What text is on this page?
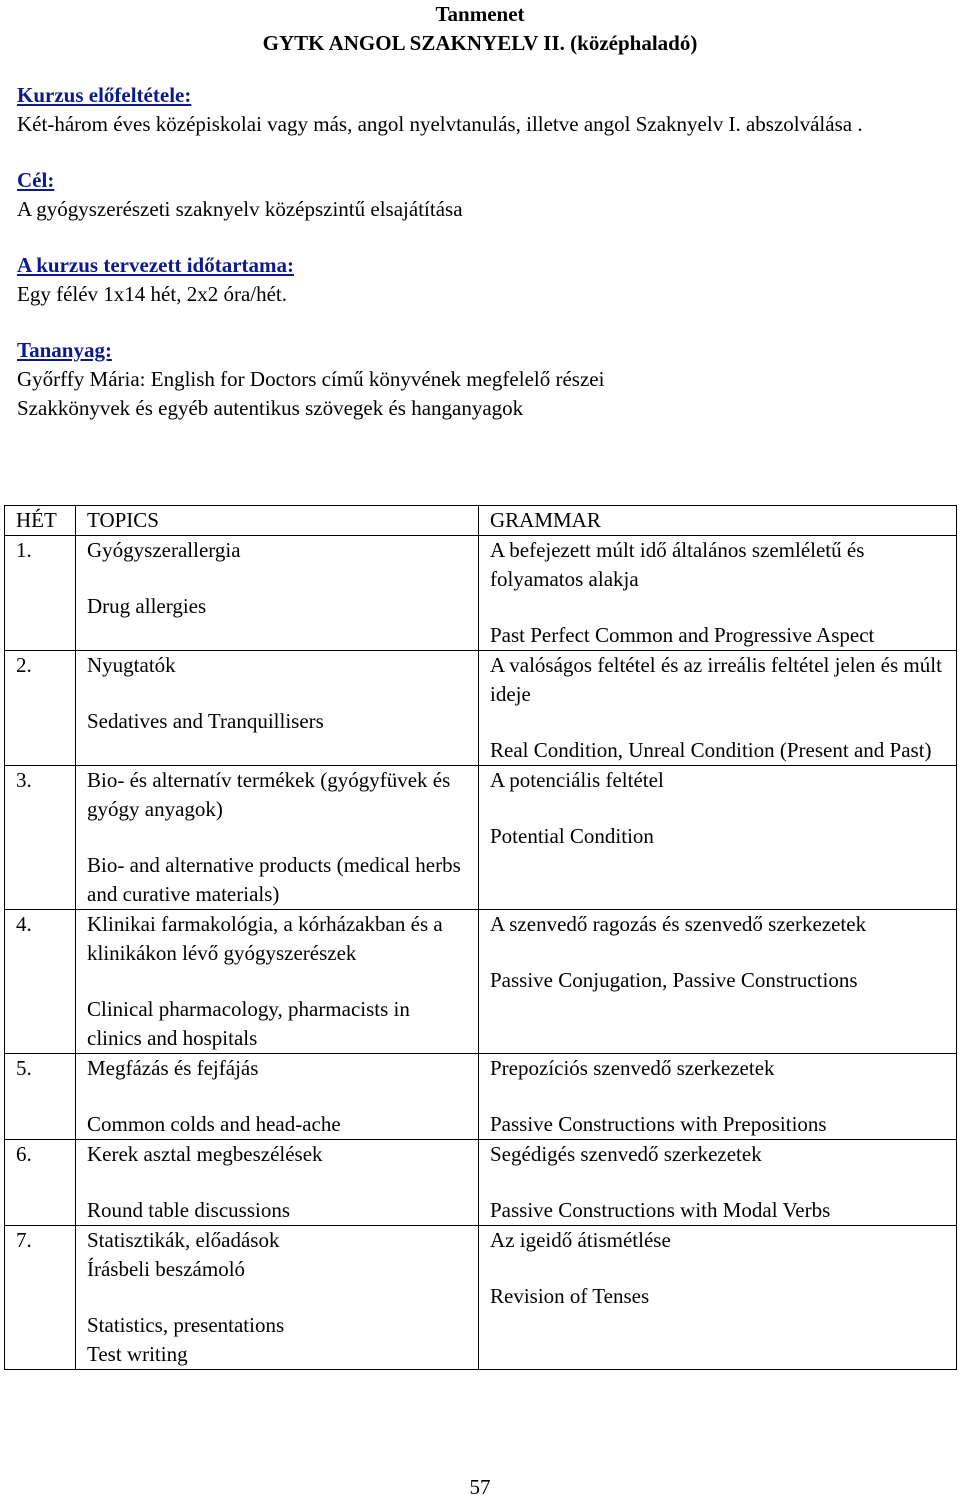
Tanmenet
GYTK ANGOL SZAKNYELV II. (középhaladó)
Kurzus előfeltétele:
Két-három éves középiskolai vagy más, angol nyelvtanulás, illetve angol Szaknyelv I. abszolválása .
Cél:
A gyógyszerészeti szaknyelv középszintű elsajátítása
A kurzus tervezett időtartama:
Egy félév 1x14 hét, 2x2 óra/hét.
Tananyag:
Győrffy Mária: English for Doctors című könyvének megfelelő részei
Szakkönyvek és egyéb autentikus szövegek és hanganyagok
HÉT	TOPICS	GRAMMAR

1.	Gyógyszerallergia
Drug allergies	A befejezett múlt idő általános szemléletű és folyamatos alakja
Past Perfect Common and Progressive Aspect

2.	Nyugtatók
Sedatives and Tranquillisers	A valóságos feltétel és az irreális feltétel jelen és múlt ideje
Real Condition, Unreal Condition (Present and Past)

3.	Bio- és alternatív termékek (gyógyfüvek és gyógy anyagok)
Bio- and alternative products (medical herbs and curative materials)	A potenciális feltétel
Potential Condition

4.	Klinikai farmakológia, a kórházakban és a klinikákon lévő gyógyszerészek
Clinical pharmacology, pharmacists in clinics and hospitals	A szenvedő ragozás és szenvedő szerkezetek
Passive Conjugation, Passive Constructions

5.	Megfázás és fejfájás
Common colds and head-ache	Prepozíciós szenvedő szerkezetek
Passive Constructions with Prepositions

6.	Kerek asztal megbeszélések
Round table discussions	Segédigés szenvedő szerkezetek
Passive Constructions with Modal Verbs

7.	Statisztikák, előadások
Írásbeli beszámoló
Statistics, presentations
Test writing	Az igeidő átismétlése
Revision of Tenses
57
